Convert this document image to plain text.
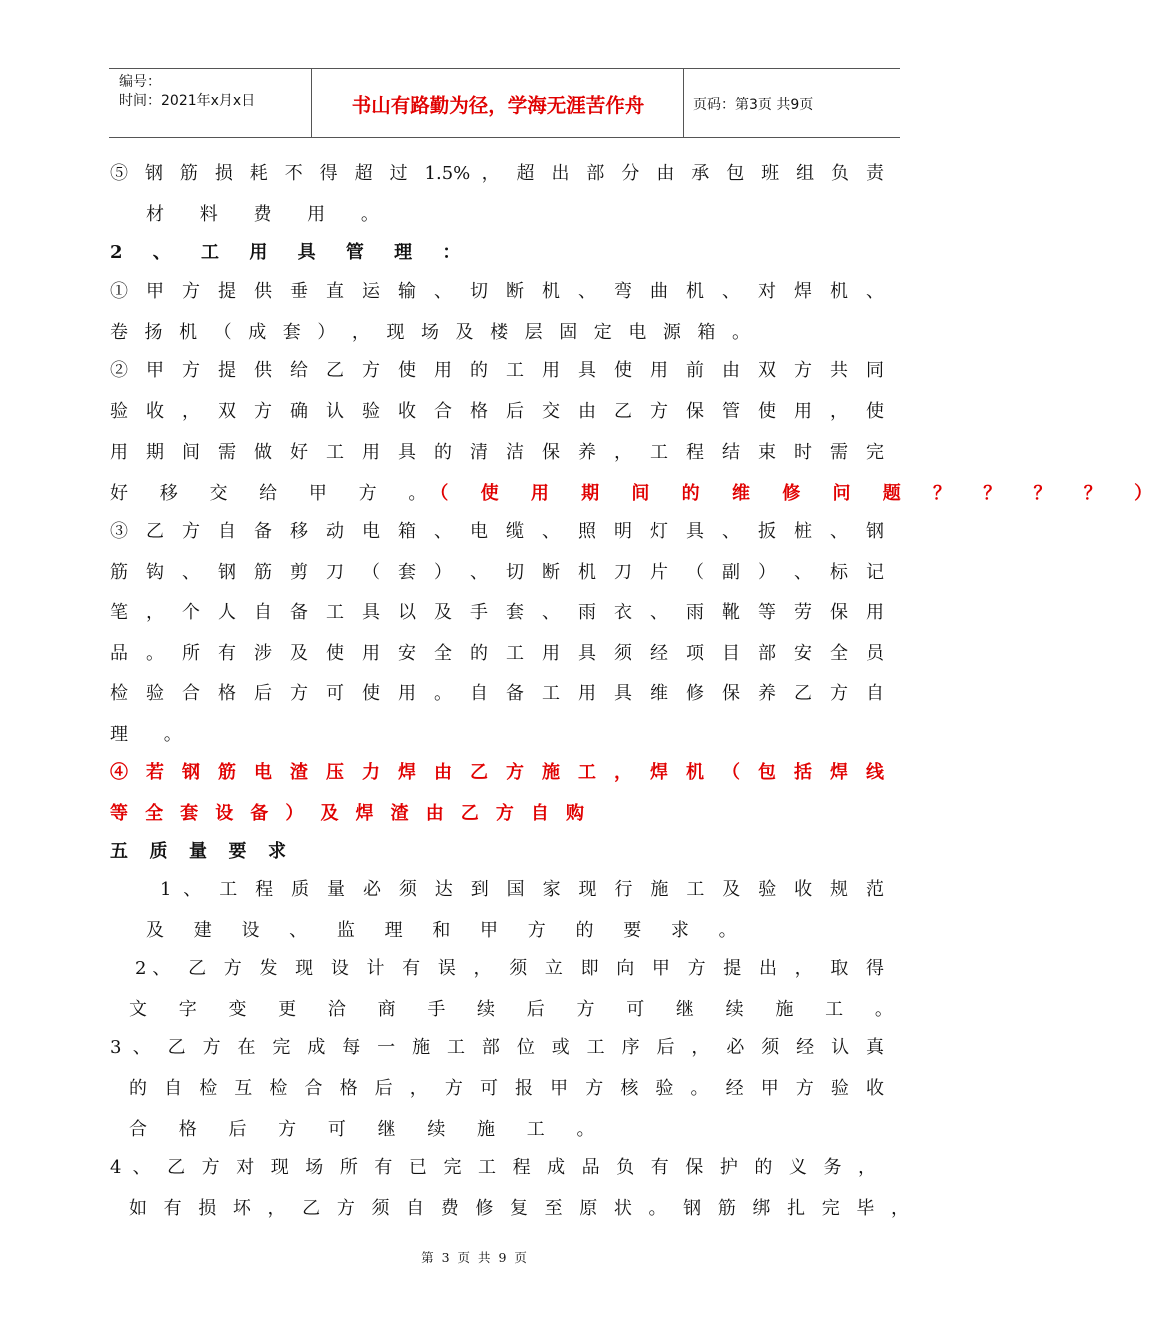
编号：
时间：2021年x月x日	书山有路勤为径，学海无涯苦作舟	页码：第3页 共9页
⑤ 钢 筋 损 耗 不 得 超 过 1.5% ， 超 出 部 分 由 承 包 班 组 负 责
材 料 费 用 。
2 、 工 用 具 管 理 ：
① 甲 方 提 供 垂 直 运 输 、 切 断 机 、 弯 曲 机 、 对 焊 机 、
卷 扬 机 （ 成 套 ） ， 现 场 及 楼 层 固 定 电 源 箱 。
② 甲 方 提 供 给 乙 方 使 用 的 工 用 具 使 用 前 由 双 方 共 同
验 收 ， 双 方 确 认 验 收 合 格 后 交 由 乙 方 保 管 使 用 ， 使
用 期 间 需 做 好 工 用 具 的 清 洁 保 养 ， 工 程 结 束 时 需 完
好 移 交 给 甲 方 。（ 使 用 期 间 的 维 修 问 题 ？ ？ ？ ？ ）
③ 乙 方 自 备 移 动 电 箱 、 电 缆 、 照 明 灯 具 、 扳 桩 、 钢
筋 钩 、 钢 筋 剪 刀 （ 套 ） 、 切 断 机 刀 片 （ 副 ） 、 标 记
笔 ， 个 人 自 备 工 具 以 及 手 套 、 雨 衣 、 雨 靴 等 劳 保 用
品 。 所 有 涉 及 使 用 安 全 的 工 用 具 须 经 项 目 部 安 全 员
检 验 合 格 后 方 可 使 用 。 自 备 工 用 具 维 修 保 养 乙 方 自
理 。
④ 若 钢 筋 电 渣 压 力 焊 由 乙 方 施 工 ， 焊 机 （ 包 括 焊 线
等 全 套 设 备 ） 及 焊 渣 由 乙 方 自 购
五 质 量 要 求
1 、 工 程 质 量 必 须 达 到 国 家 现 行 施 工 及 验 收 规 范
及 建 设 、 监 理 和 甲 方 的 要 求 。
2、 乙 方 发 现 设 计 有 误 ， 须 立 即 向 甲 方 提 出 ， 取 得
文 字 变 更 洽 商 手 续 后 方 可 继 续 施 工 。
3 、 乙 方 在 完 成 每 一 施 工 部 位 或 工 序 后 ， 必 须 经 认 真
的 自 检 互 检 合 格 后 ， 方 可 报 甲 方 核 验 。 经 甲 方 验 收
合 格 后 方 可 继 续 施 工 。
4 、 乙 方 对 现 场 所 有 已 完 工 程 成 品 负 有 保 护 的 义 务 ，
如 有 损 坏 ， 乙 方 须 自 费 修 复 至 原 状 。 钢 筋 绑 扎 完 毕 ，
第 3 页 共 9 页
